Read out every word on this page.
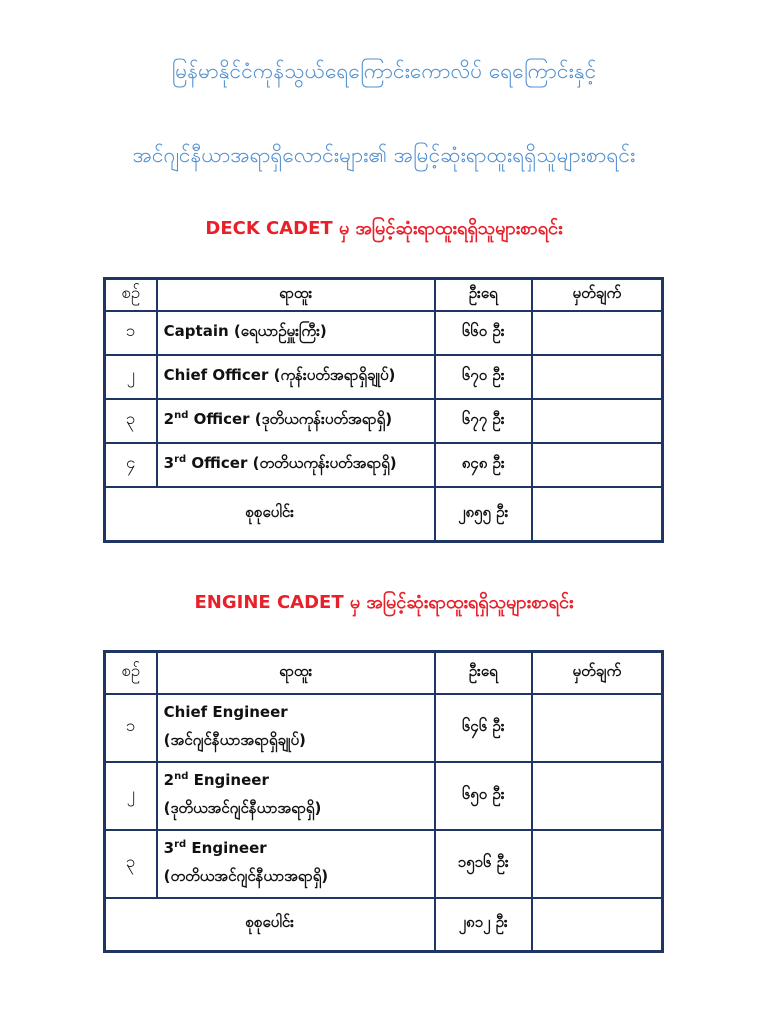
မြန်မာနိုင်ငံကုန်သွယ်ရေကြောင်းကောလိပ် ရေကြောင်းနှင့်
အင်ဂျင်နီယာအရာရှိလောင်းများ၏ အမြင့်ဆုံးရာထူးရရှိသူများစာရင်း
DECK CADET မှ အမြင့်ဆုံးရာထူးရရှိသူများစာရင်း
စဉ်	ရာထူး	ဦးရေ	မှတ်ချက်
၁	Captain (ရေယာဉ်မှူးကြီး)	၆၆၀ ဦး	
၂	Chief Officer (ကုန်းပတ်အရာရှိချုပ်)	၆၇၀ ဦး	
၃	2nd Officer (ဒုတိယကုန်းပတ်အရာရှိ)	၆၇၇ ဦး	
၄	3rd Officer (တတိယကုန်းပတ်အရာရှိ)	၈၄၈ ဦး	
စုစုပေါင်း		၂၈၅၅ ဦး	
ENGINE CADET မှ အမြင့်ဆုံးရာထူးရရှိသူများစာရင်း
စဉ်	ရာထူး	ဦးရေ	မှတ်ချက်
၁	Chief Engineer
(အင်ဂျင်နီယာအရာရှိချုပ်)	၆၄၆ ဦး	
၂	2nd Engineer
(ဒုတိယအင်ဂျင်နီယာအရာရှိ)	၆၅၀ ဦး	
၃	3rd Engineer
(တတိယအင်ဂျင်နီယာအရာရှိ)	၁၅၁၆ ဦး	
စုစုပေါင်း		၂၈၁၂ ဦး	
